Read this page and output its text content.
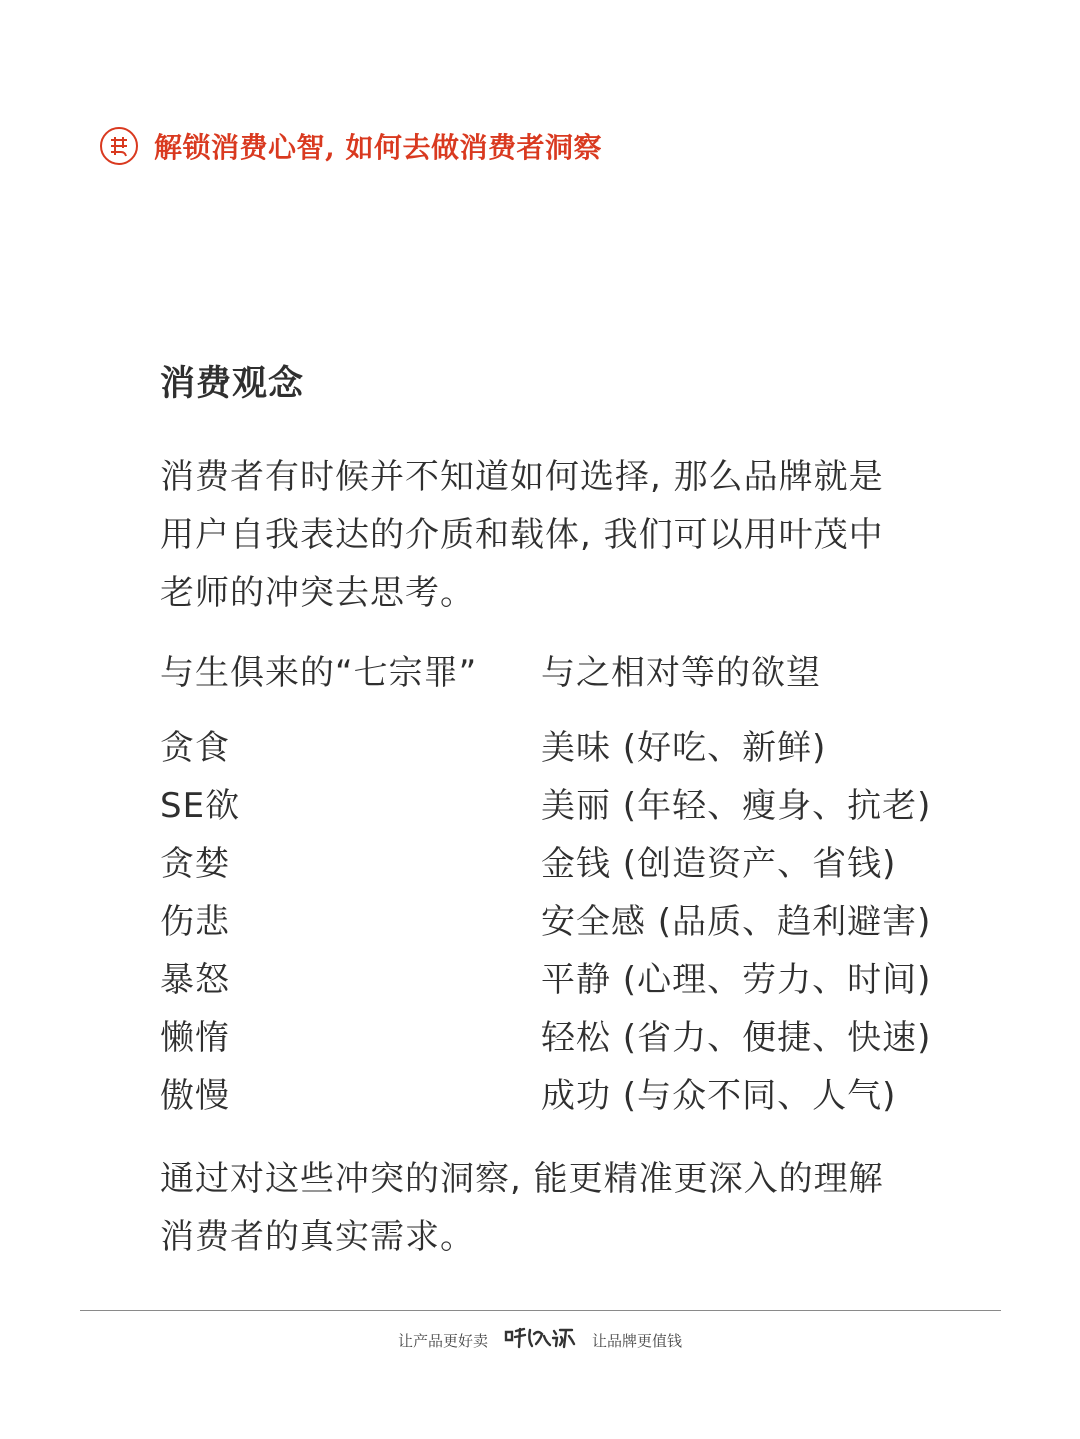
解锁消费心智, 如何去做消费者洞察
消费观念
消费者有时候并不知道如何选择, 那么品牌就是
用户自我表达的介质和载体, 我们可以用叶茂中
老师的冲突去思考。
与生俱来的“七宗罪” 与之相对等的欲望
贪食	美味 (好吃、新鲜)
SE欲	美丽 (年轻、瘦身、抗老)
贪婪	金钱 (创造资产、省钱)
伤悲	安全感 (品质、趋利避害)
暴怒	平静 (心理、劳力、时间)
懒惰	轻松 (省力、便捷、快速)
傲慢	成功 (与众不同、人气)
通过对这些冲突的洞察, 能更精准更深入的理解
消费者的真实需求。
让产品更好卖	让品牌更值钱
